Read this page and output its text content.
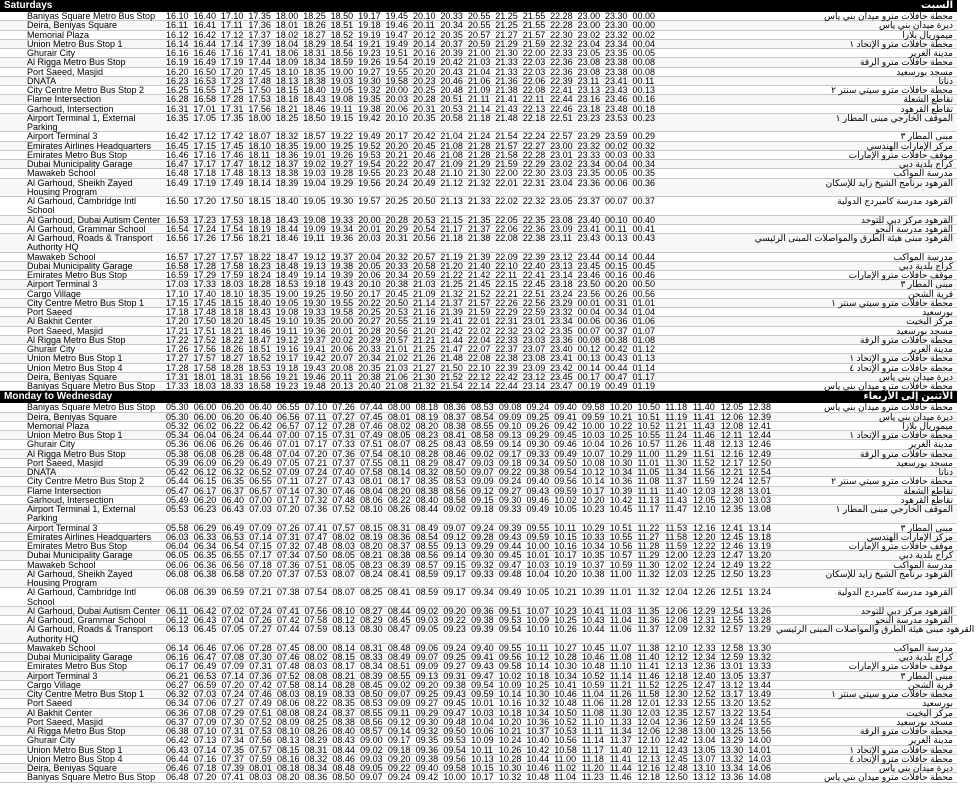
Saturdays	السبت
Baniyas Square Metro Bus Stop	16.10 16.40 17.10 17.35 18.00 18.25 18.50 19.17 19.45 20.10 20.33 20.55 21.25 21.55 22.28 23.00 23.30 00.00	محطة حافلات مترو ميدان بني ياس
Deira, Beniyas Square	16.11 16.41 17.11 17.36 18.01 18.26 18.51 19.18 19.46 20.11 20.34 20.55 21.25 21.55 22.28 23.00 23.30 00.00	ديرة ميدان بني ياس
Memorial Plaza	16.12 16.42 17.12 17.37 18.02 18.27 18.52 19.19 19.47 20.12 20.35 20.57 21.27 21.57 22.30 23.02 23.32 00.02	ميموريال بلازا
Union Metro Bus Stop 1	16.14 16.44 17.14 17.39 18.04 18.29 18.54 19.21 19.49 20.14 20.37 20.59 21.29 21.59 22.32 23.04 23.34 00.04	محطة حافلات مترو الإتحاد ١
Ghurair City	16.16 16.46 17.16 17.41 18.06 18.31 18.56 19.23 19.51 20.16 20.39 21.00 21.30 22.00 22.33 23.05 23.35 00.05	مدينة الغرير
Al Rigga Metro Bus Stop	16.19 16.49 17.19 17.44 18.09 18.34 18.59 19.26 19.54 20.19 20.42 21.03 21.33 22.03 22.36 23.08 23.38 00.08	محطة حافلات مترو الرقة
Port Saeed, Masjid	16.20 16.50 17.20 17.45 18.10 18.35 19.00 19.27 19.55 20.20 20.43 21.04 21.33 22.03 22.36 23.08 23.38 00.08	مسجد بورسعيد
DNATA	16.23 16.53 17.23 17.48 18.13 18.38 19.03 19.30 19.58 20.23 20.46 21.06 21.36 22.06 22.39 23.11 23.41 00.11	دناتا
City Centre Metro Bus Stop 2	16.25 16.55 17.25 17.50 18.15 18.40 19.05 19.32 20.00 20.25 20.48 21.09 21.38 22.08 22.41 23.13 23.43 00.13	محطة حافلات مترو سيتي سنتر ٢
Flame Intersection	16.28 16.58 17.28 17.53 18.18 18.43 19.08 19.35 20.03 20.28 20.51 21.11 21.41 22.11 22.44 23.16 23.46 00.16	تقاطع الشعلة
Garhoud, Intersection	16.31 17.01 17.31 17.56 18.21 18.46 19.11 19.38 20.06 20.31 20.53 21.14 21.43 22.13 22.46 23.18 23.48 00.18	تقاطع القرهود
Airport Terminal 1, External Parking
16.35 17.05 17.35 18.00 18.25 18.50 19.15 19.42 20.10 20.35 20.58 21.18 21.48 22.18 22.51 23.23 23.53 00.23	الموقف الخارجي مبنى المطار ١
Airport Terminal 3	16.42 17.12 17.42 18.07 18.32 18.57 19.22 19.49 20.17 20.42 21.04 21.24 21.54 22.24 22.57 23.29 23.59 00.29	مبنى المطار ٣
Emirates Airlines Headquarters	16.45 17.15 17.45 18.10 18.35 19.00 19.25 19.52 20.20 20.45 21.08 21.28 21.57 22.27 23.00 23.32 00.02 00.32	مركز الإمارات الهندسي
Emirates Metro Bus Stop	16.46 17.16 17.46 18.11 18.36 19.01 19.26 19.53 20.21 20.46 21.08 21.28 21.58 22.28 23.01 23.33 00.03 00.33	موقف حافلات مترو الإمارات
Dubai Municipality Garage	16.47 17.17 17.47 18.12 18.37 19.02 19.27 19.54 20.22 20.47 21.09 21.29 21.59 22.29 23.02 23.34 00.04 00.34	كراج بلدية دبي
Mawakeb School	16.48 17.18 17.48 18.13 18.38 19.03 19.28 19.55 20.23 20.48 21.10 21.30 22.00 22.30 23.03 23.35 00.05 00.35	مدرسة المواكب
Al Garhoud, Sheikh Zayed Housing Program
16.49 17.19 17.49 18.14 18.39 19.04 19.29 19.56 20.24 20.49 21.12 21.32 22.01 22.31 23.04 23.36 00.06 00.36	القرهود برنامج الشيخ زايد للإسكان
Al Garhoud, Cambridge Intl School
16.50 17.20 17.50 18.15 18.40 19.05 19.30 19.57 20.25 20.50 21.13 21.33 22.02 22.32 23.05 23.37 00.07 00.37	القرهود مدرسة كامبردج الدولية
Al Garhoud, Dubai Autism Center 16.53 17.23 17.53 18.18 18.43 19.08 19.33 20.00 20.28 20.53 21.15 21.35 22.05 22.35 23.08 23.40 00.10 00.40	القرهود مركز دبي للتوحد
Al Garhoud, Grammar School	16.54 17.24 17.54 18.19 18.44 19.09 19.34 20.01 20.29 20.54 21.17 21.37 22.06 22.36 23.09 23.41 00.11 00.41	القرهود مدرسة النحو
Al Garhoud, Roads & Transport Authority HQ
16.56 17.26 17.56 18.21 18.46 19.11 19.36 20.03 20.31 20.56 21.18 21.38 22.08 22.38 23.11 23.43 00.13 00.43	القرهود مبنى هيئة الطرق والمواصلات المبنى الرئيسي
Mawakeb School	16.57 17.27 17.57 18.22 18.47 19.12 19.37 20.04 20.32 20.57 21.19 21.39 22.09 22.39 23.12 23.44 00.14 00.44	مدرسة المواكب
Dubai Municipality Garage	16.58 17.28 17.58 18.23 18.48 19.13 19.38 20.05 20.33 20.58 21.20 21.40 22.10 22.40 23.13 23.45 00.15 00.45	كراج بلدية دبي
Emirates Metro Bus Stop	16.59 17.29 17.59 18.24 18.49 19.14 19.39 20.06 20.34 20.59 21.22 21.42 22.11 22.41 23.14 23.46 00.16 00.46	موقف حافلات مترو الإمارات
Airport Terminal 3	17.03 17.33 18.03 18.28 18.53 19.18 19.43 20.10 20.38 21.03 21.25 21.45 22.15 22.45 23.18 23.50 00.20 00.50	مبنى المطار ٣
Cargo Village	17.10 17.40 18.10 18.35 19.00 19.25 19.50 20.17 20.45 21.09 21.32 21.52 22.21 22.51 23.24 23.56 00.26 00.56	قرية الشحن
City Centre Metro Bus Stop 1	17.15 17.45 18.15 18.40 19.05 19.30 19.55 20.22 20.50 21.14 21.37 21.57 22.26 22.56 23.29 00.01 00.31 01.01	محطة حافلات مترو سيتي سنتر ١
Port Saeed	17.18 17.48 18.18 18.43 19.08 19.33 19.58 20.25 20.53 21.16 21.39 21.59 22.29 22.59 23.32 00.04 00.34 01.04	بورسعيد
Al Bakhit Center	17.20 17.50 18.20 18.45 19.10 19.35 20.00 20.27 20.55 21.19 21.41 22.01 22.31 23.01 23.34 00.06 00.36 01.06	مركز البخيت
Port Saeed, Masjid	17.21 17.51 18.21 18.46 19.11 19.36 20.01 20.28 20.56 21.20 21.42 22.02 22.32 23.02 23.35 00.07 00.37 01.07	مسجد بورسعيد
Al Rigga Metro Bus Stop	17.22 17.52 18.22 18.47 19.12 19.37 20.02 20.29 20.57 21.21 21.44 22.04 22.33 23.03 23.36 00.08 00.38 01.08	محطة حافلات مترو الرقة
Ghurair City	17.26 17.56 18.26 18.51 19.16 19.41 20.06 20.33 21.01 21.25 21.47 22.07 22.37 23.07 23.40 00.12 00.42 01.12	مدينة الغرير
Union Metro Bus Stop 1	17.27 17.57 18.27 18.52 19.17 19.42 20.07 20.34 21.02 21.26 21.48 22.08 22.38 23.08 23.41 00.13 00.43 01.13	محطة حافلات مترو الإتحاد ١
Union Metro Bus Stop 4	17.28 17.58 18.28 18.53 19.18 19.43 20.08 20.35 21.03 21.27 21.50 22.10 22.39 23.09 23.42 00.14 00.44 01.14	محطة حافلات مترو الإتحاد ٤
Deira, Beniyas Square	17.31 18.01 18.31 18.56 19.21 19.46 20.11 20.38 21.06 21.30 21.52 22.12 22.42 23.12 23.45 00.17 00.47 01.17	ديرة ميدان بني ياس
Baniyas Square Metro Bus Stop	17.33 18.03 18.33 18.58 19.23 19.48 20.13 20.40 21.08 21.32 21.54 22.14 22.44 23.14 23.47 00.19 00.49 01.19	محطة حافلات مترو ميدان بني ياس
Monday to Wednesday	الأثنين إلى الأربعاء
Baniyas Square Metro Bus Stop	05.30 06.00 06.20 06.40 06.55 07.10 07.26 07.44 08.00 08.18 08.36 08.53 09.08 09.24 09.40 09.58 10.20 10.50 11.18 11.40 12.05 12.38	محطة حافلات مترو ميدان بني ياس
Deira, Beniyas Square	05.30 06.00 06.20 06.40 06.56 07.11 07.27 07.45 08.01 08.19 08.37 08.54 09.09 09.25 09.41 09.59 10.21 10.51 11.19 11.41 12.06 12.39	ديرة ميدان بني ياس
Memorial Plaza	05.32 06.02 06.22 06.42 06.57 07.12 07.28 07.46 08.02 08.20 08.38 08.55 09.10 09.26 09.42 10.00 10.22 10.52 11.21 11.43 12.08 12.41	ميموريال بلازا
Union Metro Bus Stop 1	05.34 06.04 06.24 06.44 07.00 07.15 07.31 07.49 08.05 08.23 08.41 08.58 09.13 09.29 09.45 10.03 10.25 10.55 11.24 11.46 12.11 12.44	محطة حافلات مترو الإتحاد ١
Ghurair City	05.36 06.06 06.26 06.46 07.01 07.17 07.33 07.51 08.07 08.25 08.43 08.59 09.14 09.30 09.46 10.04 10.26 10.57 11.26 11.48 12.13 12.46	مدينة الغرير
Al Rigga Metro Bus Stop	05.38 06.08 06.28 06.48 07.04 07.20 07.36 07.54 08.10 08.28 08.46 09.02 09.17 09.33 09.49 10.07 10.29 11.00 11.29 11.51 12.16 12.49	محطة حافلات مترو الرقة
Port Saeed, Masjid	05.39 06.09 06.29 06.49 07.05 07.21 07.37 07.55 08.11 08.29 08.47 09.03 09.18 09.34 09.50 10.08 10.30 11.01 11.30 11.52 12.17 12.50	مسجد بورسعيد
DNATA	05.42 06.12 06.32 06.52 07.09 07.24 07.40 07.58 08.14 08.32 08.50 09.07 09.22 09.38 09.54 10.12 10.34 11.05 11.34 11.56 12.21 12.54	دناتا
City Centre Metro Bus Stop 2	05.44 06.15 06.35 06.55 07.11 07.27 07.43 08.01 08.17 08.35 08.53 09.09 09.24 09.40 09.56 10.14 10.36 11.08 11.37 11.59 12.24 12.57	محطة حافلات مترو سيتي سنتر ٢
Flame Intersection	05.47 06.17 06.37 06.57 07.14 07.30 07.46 08.04 08.20 08.38 08.56 09.12 09.27 09.43 09.59 10.17 10.39 11.11 11.40 12.03 12.28 13.01	تقاطع الشعلة
Garhoud, Intersection	05.49 06.20 06.40 07.00 07.17 07.32 07.48 08.06 08.22 08.40 08.58 09.15 09.30 09.46 10.02 10.20 10.42 11.13 11.43 12.05 12.30 13.03	تقاطع القرهود
Airport Terminal 1, External Parking
05.53 06.23 06.43 07.03 07.20 07.36 07.52 08.10 08.26 08.44 09.02 09.18 09.33 09.49 10.05 10.23 10.45 11.17 11.47 12.10 12.35 13.08	الموقف الخارجي مبنى المطار ١
Airport Terminal 3	05.58 06.29 06.49 07.09 07.26 07.41 07.57 08.15 08.31 08.49 09.07 09.24 09.39 09.55 10.11 10.29 10.51 11.22 11.53 12.16 12.41 13.14	مبنى المطار ٣
Emirates Airlines Headquarters	06.03 06.33 06.53 07.14 07.31 07.47 08.02 08.19 08.36 08.54 09.12 09.28 09.43 09.59 10.15 10.33 10.55 11.27 11.58 12.20 12.45 13.18	مركز الإمارات الهندسي
Emirates Metro Bus Stop	06.04 06.34 06.54 07.15 07.32 07.48 08.03 08.20 08.37 08.55 09.13 09.29 09.44 10.00 10.16 10.34 10.56 11.28 11.59 12.22 12.46 13.19	موقف حافلات مترو الإمارات
Dubai Municipality Garage	06.05 06.35 06.55 07.17 07.34 07.50 08.05 08.21 08.38 08.56 09.14 09.30 09.45 10.01 10.17 10.35 10.57 11.29 12.00 12.23 12.47 13.20	كراج بلدية دبي
Mawakeb School	06.06 06.36 06.56 07.18 07.36 07.51 08.05 08.23 08.39 08.57 09.15 09.32 09.47 10.03 10.19 10.37 10.59 11.30 12.02 12.24 12.49 13.22	مدرسة المواكب
Al Garhoud, Sheikh Zayed Housing Program
06.08 06.38 06.58 07.20 07.37 07.53 08.07 08.24 08.41 08.59 09.17 09.33 09.48 10.04 10.20 10.38 11.00 11.32 12.03 12.25 12.50 13.23	القرهود برنامج الشيخ زايد للإسكان
Al Garhoud, Cambridge Intl School
06.08 06.39 06.59 07.21 07.38 07.54 08.07 08.25 08.41 08.59 09.17 09.34 09.49 10.05 10.21 10.39 11.01 11.32 12.04 12.26 12.51 13.24	القرهود مدرسة كامبردج الدولية
Al Garhoud, Dubai Autism Center 06.11 06.42 07.02 07.24 07.41 07.56 08.10 08.27 08.44 09.02 09.20 09.36 09.51 10.07 10.23 10.41 11.03 11.35 12.06 12.29 12.54 13.26	القرهود مركز دبي للتوحد
Al Garhoud, Grammar School	06.12 06.43 07.04 07.26 07.42 07.58 08.12 08.29 08.45 09.03 09.22 09.38 09.53 10.09 10.25 10.43 11.04 11.36 12.08 12.31 12.55 13.28	القرهود مدرسة النحو
Al Garhoud, Roads & Transport Authority HQ
06.13 06.45 07.05 07.27 07.44 07.59 08.13 08.30 08.47 09.05 09.23 09.39 09.54 10.10 10.26 10.44 11.06 11.37 12.09 12.32 12.57 13.29 القرهود مبنى هيئة الطرق والمواصلات المبنى الرئيسي
Mawakeb School	06.14 06.46 07.06 07.28 07.45 08.00 08.14 08.31 08.48 09.06 09.24 09.40 09.55 10.11 10.27 10.45 11.07 11.38 12.10 12.33 12.58 13.30	مدرسة المواكب
Dubai Municipality Garage	06.16 06.47 07.08 07.30 07.46 08.02 08.15 08.33 08.49 09.07 09.25 09.41 09.56 10.12 10.28 10.46 11.08 11.40 12.12 12.34 12.59 13.32	كراج بلدية دبي
Emirates Metro Bus Stop	06.17 06.49 07.09 07.31 07.48 08.03 08.17 08.34 08.51 09.09 09.27 09.43 09.58 10.14 10.30 10.48 11.10 11.41 12.13 12.36 13.01 13.33	موقف حافلات مترو الإمارات
Airport Terminal 3	06.21 06.53 07.14 07.36 07.52 08.08 08.21 08.39 08.55 09.13 09.31 09.47 10.02 10.18 10.34 10.52 11.14 11.46 12.18 12.40 13.05 13.37	مبنى المطار ٣
Cargo Village	06.27 06.59 07.20 07.42 07.58 08.14 08.28 08.45 09.02 09.20 09.38 09.54 10.09 10.25 10.41 10.59 11.21 11.52 12.25 12.47 13.12 13.44	قرية الشحن
City Centre Metro Bus Stop 1	06.32 07.03 07.24 07.46 08.03 08.19 08.33 08.50 09.07 09.25 09.43 09.59 10.14 10.30 10.46 11.04 11.26 11.58 12.30 12.52 13.17 13.49	محطة حافلات مترو سيتي سنتر ١
Port Saeed	06.34 07.06 07.27 07.49 08.06 08.22 08.35 08.53 09.09 09.27 09.45 10.01 10.16 10.32 10.48 11.06 11.28 12.01 12.33 12.55 13.20 13.52	بورسعيد
Al Bakhit Center	06.36 07.08 07.29 07.51 08.08 08.24 08.37 08.55 09.11 09.29 09.47 10.03 10.18 10.34 10.50 11.08 11.30 12.03 12.35 12.57 13.22 13.54	مركز البخيت
Port Saeed, Masjid	06.37 07.09 07.30 07.52 08.09 08.25 08.38 08.56 09.12 09.30 09.48 10.04 10.20 10.36 10.52 11.10 11.33 12.04 12.36 12.59 13.24 13.55	مسجد بورسعيد
Al Rigga Metro Bus Stop	06.38 07.10 07.31 07.53 08.10 08.26 08.40 08.57 09.14 09.32 09.50 10.06 10.21 10.37 10.53 11.11 11.34 12.06 12.38 13.00 13.25 13.56	محطة حافلات مترو الرقة
Ghurair City	06.42 07.13 07.34 07.56 08.13 08.29 08.43 09.00 09.17 09.35 09.53 10.09 10.24 10.40 10.56 11.14 11.37 12.10 12.42 13.04 13.29 14.00	مدينة الغرير
Union Metro Bus Stop 1	06.43 07.14 07.35 07.57 08.15 08.31 08.44 09.02 09.18 09.36 09.54 10.11 10.26 10.42 10.58 11.17 11.40 12.11 12.43 13.05 13.30 14.01	محطة حافلات مترو الإتحاد ١
Union Metro Bus Stop 4	06.44 07.16 07.37 07.59 08.16 08.32 08.46 09.03 09.20 09.38 09.56 10.13 10.28 10.44 11.00 11.18 11.41 12.13 12.45 13.07 13.32 14.03	محطة حافلات مترو الإتحاد ٤
Deira, Beniyas Square	06.46 07.18 07.39 08.01 08.18 08.34 08.48 09.05 09.22 09.40 09.58 10.15 10.30 10.46 11.02 11.20 11.44 12.16 12.48 13.10 13.34 14.06	ديرة ميدان بني ياس
Baniyas Square Metro Bus Stop	06.48 07.20 07.41 08.03 08.20 08.36 08.50 09.07 09.24 09.42 10.00 10.17 10.32 10.48 11.04 11.23 11.46 12.18 12.50 13.12 13.36 14.08	محطة حافلات مترو ميدان بني ياس
